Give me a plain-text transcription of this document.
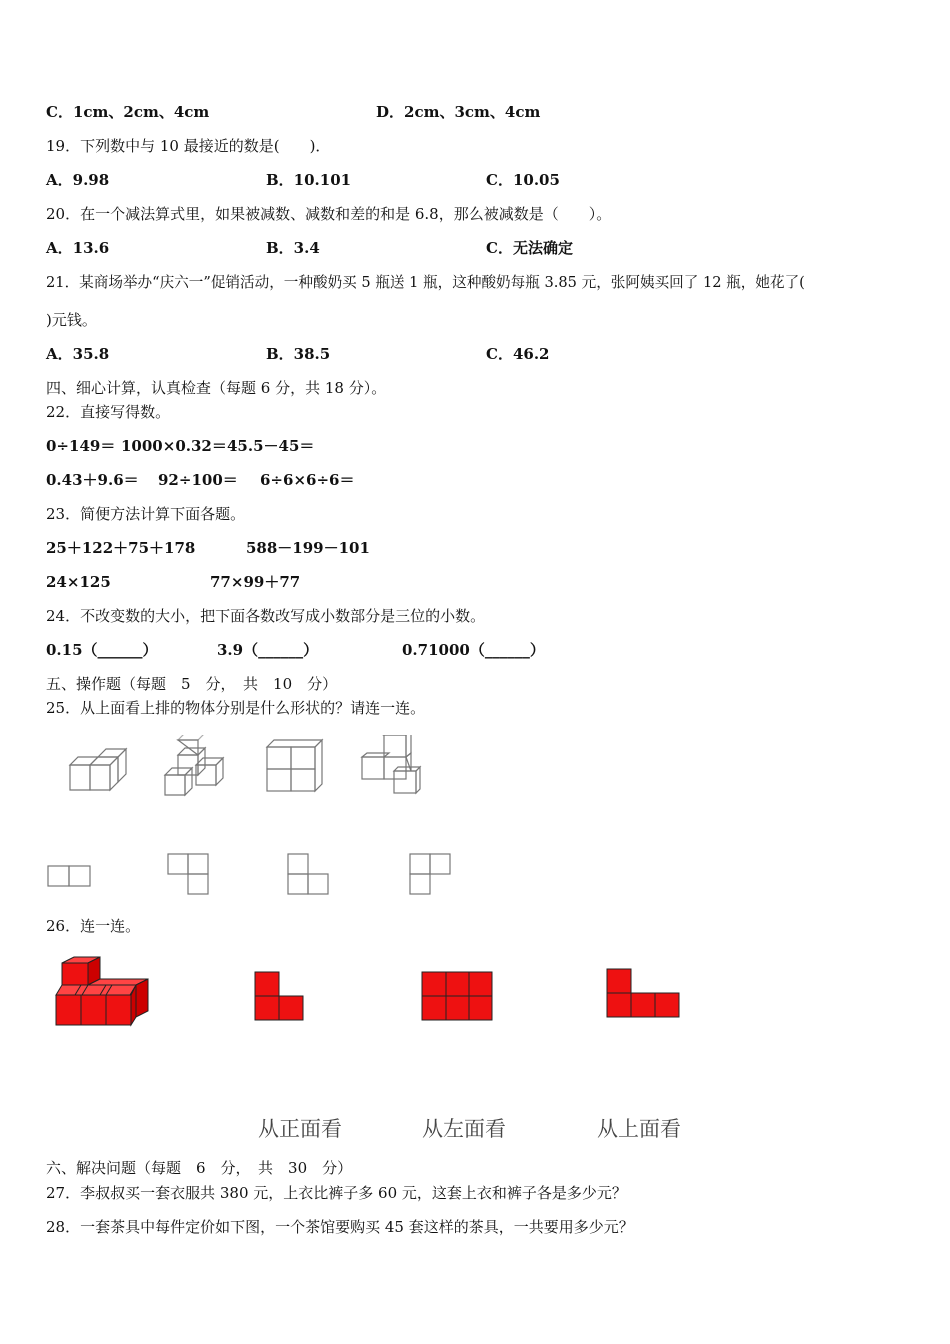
C．1cm、2cm、4cm	D．2cm、3cm、4cm
19．下列数中与 10 最接近的数是(　　)．
A．9.98	B．10.101	C．10.05
20．在一个减法算式里，如果被减数、减数和差的和是 6.8，那么被减数是（　　）。
A．13.6	B．3.4	C．无法确定
21．某商场举办“庆六一”促销活动，一种酸奶买 5 瓶送 1 瓶，这种酸奶每瓶 3.85 元，张阿姨买回了 12 瓶，她花了(
)元钱。
A．35.8	B．38.5	C．46.2
四、细心计算，认真检查（每题 6 分，共 18 分）。
22．直接写得数。
0÷149＝ 1000×0.32＝ 45.5－45＝
0.43＋9.6＝ 92÷100＝ 6÷6×6÷6＝
23．简便方法计算下面各题。
25＋122＋75＋178	588－199－101
24×125	77×99＋77
24．不改变数的大小，把下面各数改写成小数部分是三位的小数。
0.15（______）	3.9（______）	0.71000（______）
五、操作题（每题　5　分，　共　10　分）
25．从上面看上排的物体分别是什么形状的？请连一连。
26．连一连。
从正面看	从左面看	从上面看
六、解决问题（每题　6　分，　共　30　分）
27．李叔叔买一套衣服共 380 元，上衣比裤子多 60 元，这套上衣和裤子各是多少元？
28．一套茶具中每件定价如下图，一个茶馆要购买 45 套这样的茶具，一共要用多少元？
